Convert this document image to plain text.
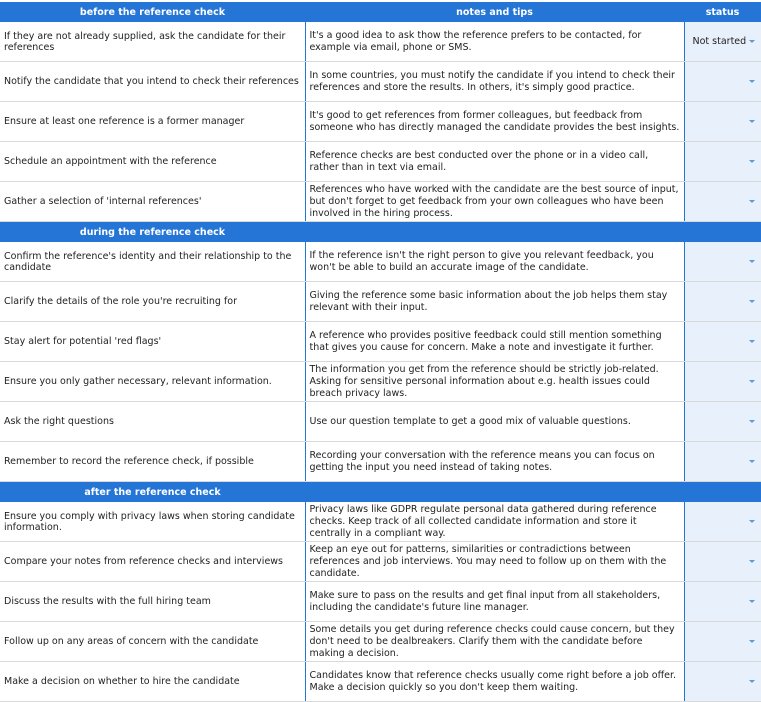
before the reference check	notes and tips	status
If they are not already supplied, ask the candidate for their references	It's a good idea to ask thow the reference prefers to be contacted, for example via email, phone or SMS.	Not started

Notify the candidate that you intend to check their references	In some countries, you must notify the candidate if you intend to check their references and store the results. In others, it's simply good practice.	

Ensure at least one reference is a former manager	It's good to get references from former colleagues, but feedback from someone who has directly managed the candidate provides the best insights.	

Schedule an appointment with the reference	Reference checks are best conducted over the phone or in a video call, rather than in text via email.	

Gather a selection of 'internal references'	References who have worked with the candidate are the best source of input, but don't forget to get feedback from your own colleagues who have been involved in the hiring process.	

during the reference check		
Confirm the reference's identity and their relationship to the candidate	If the reference isn't the right person to give you relevant feedback, you won't be able to build an accurate image of the candidate.	

Clarify the details of the role you're recruiting for	Giving the reference some basic information about the job helps them stay relevant with their input.	

Stay alert for potential 'red flags'	A reference who provides positive feedback could still mention something that gives you cause for concern. Make a note and investigate it further.	

Ensure you only gather necessary, relevant information.	The information you get from the reference should be strictly job-related. Asking for sensitive personal information about e.g. health issues could breach privacy laws.	

Ask the right questions	Use our question template to get a good mix of valuable questions.	

Remember to record the reference check, if possible	Recording your conversation with the reference means you can focus on getting the input you need instead of taking notes.	

after the reference check		
Ensure you comply with privacy laws when storing candidate information.	Privacy laws like GDPR regulate personal data gathered during reference checks. Keep track of all collected candidate information and store it centrally in a compliant way.	

Compare your notes from reference checks and interviews	Keep an eye out for patterns, similarities or contradictions between references and job interviews. You may need to follow up on them with the candidate.	

Discuss the results with the full hiring team	Make sure to pass on the results and get final input from all stakeholders, including the candidate's future line manager.	

Follow up on any areas of concern with the candidate	Some details you get during reference checks could cause concern, but they don't need to be dealbreakers. Clarify them with the candidate before making a decision.	

Make a decision on whether to hire the candidate	Candidates know that reference checks usually come right before a job offer. Make a decision quickly so you don't keep them waiting.	
